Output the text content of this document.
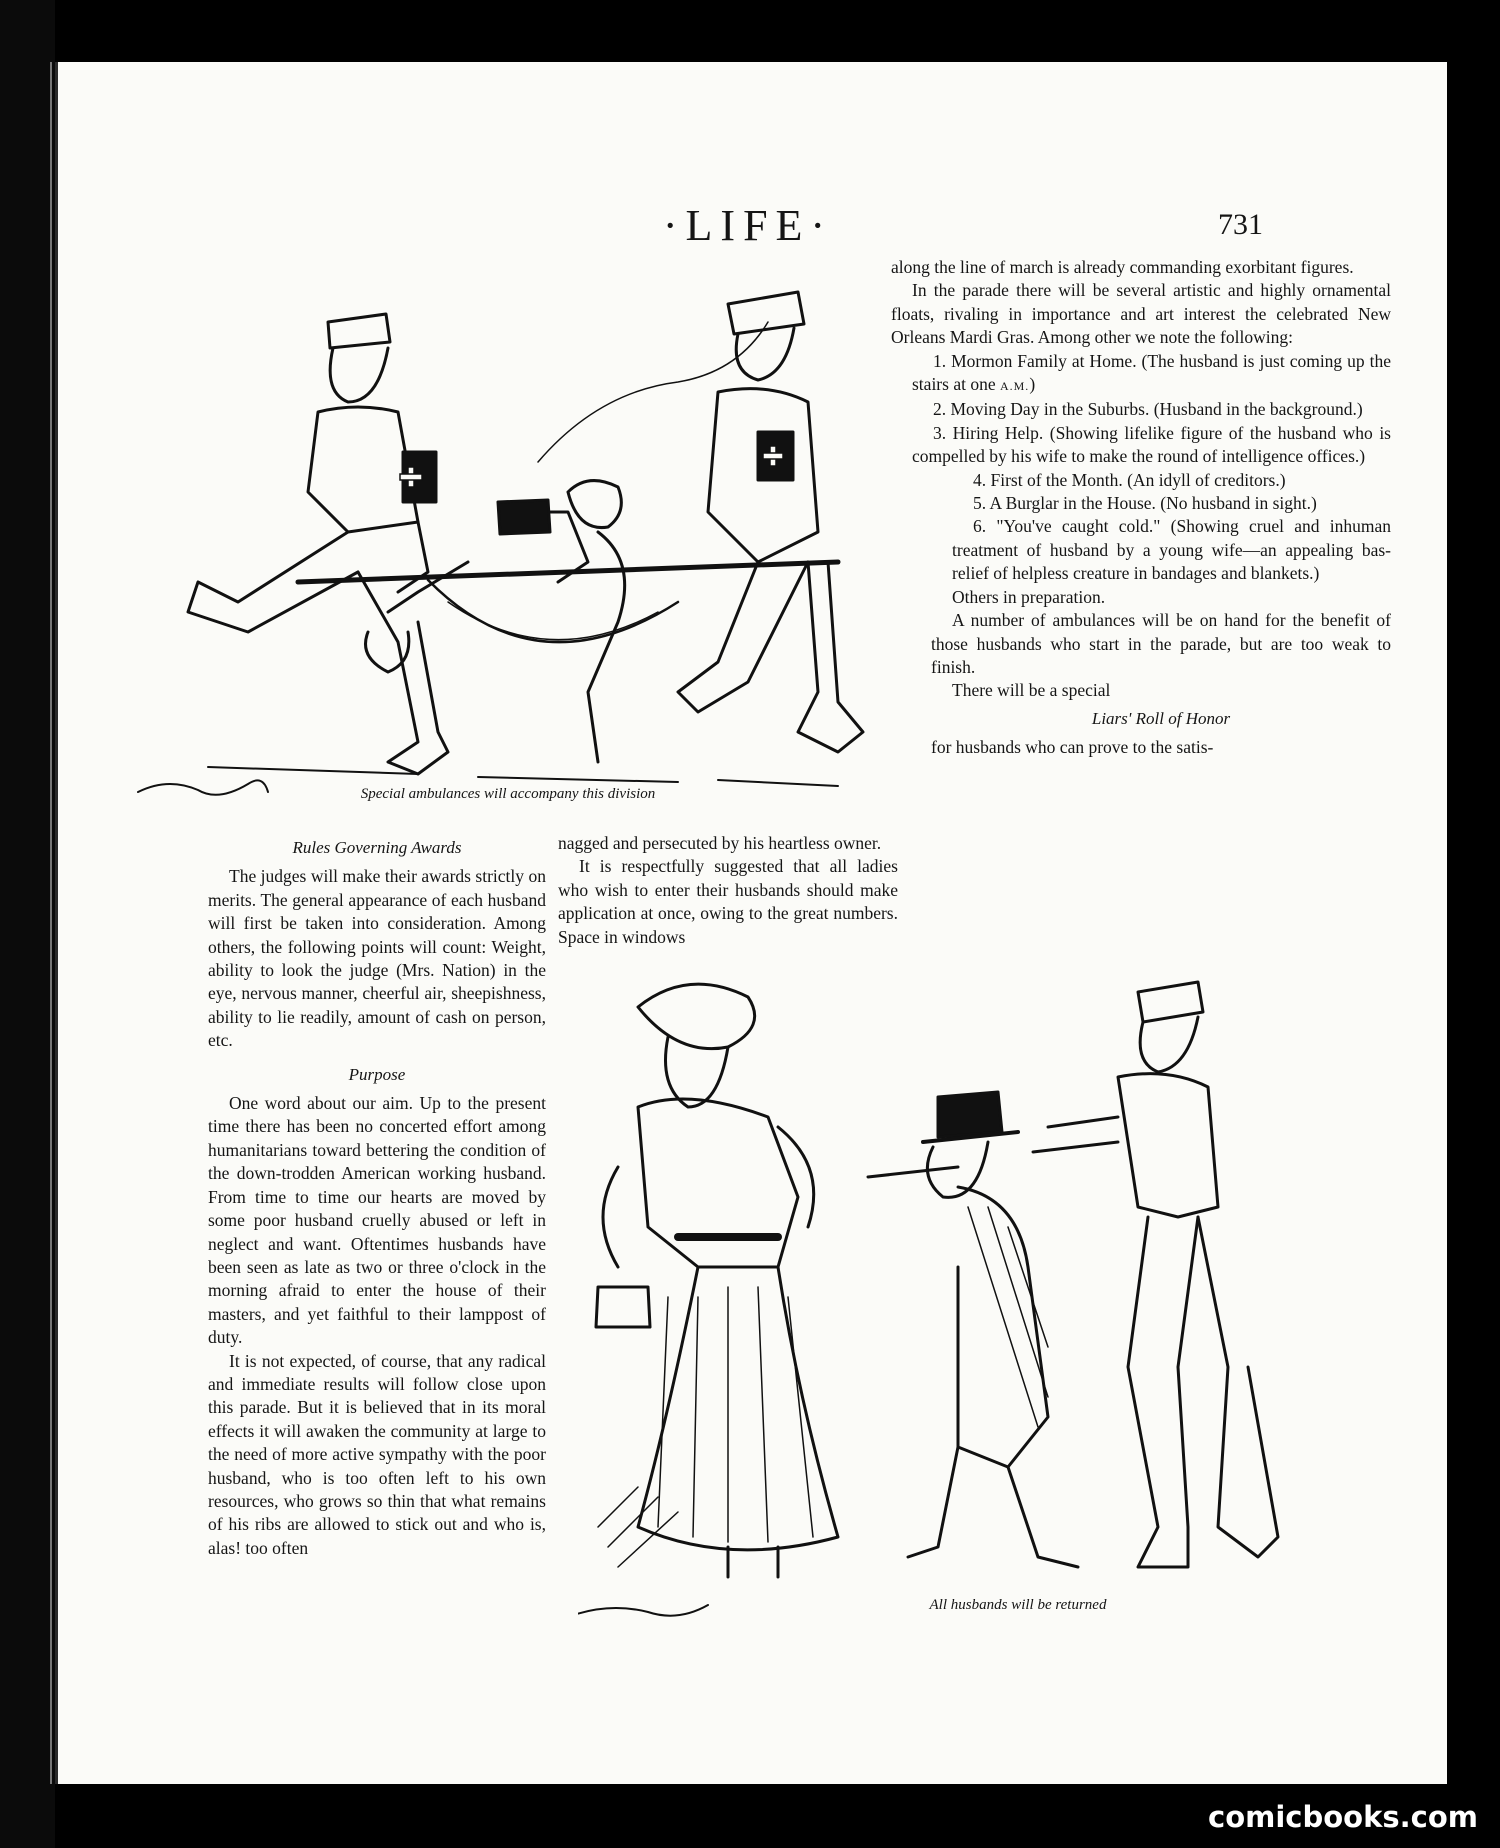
·LIFE·	731
Special ambulances will accompany this division
Rules Governing Awards

The judges will make their awards strictly on merits. The general appearance of each husband will first be taken into consideration. Among others, the following points will count: Weight, ability to look the judge (Mrs. Nation) in the eye, nervous manner, cheerful air, sheepishness, ability to lie readily, amount of cash on person, etc.

Purpose

One word about our aim. Up to the present time there has been no concerted effort among humanitarians toward bettering the condition of the down-trodden American working husband. From time to time our hearts are moved by some poor husband cruelly abused or left in neglect and want. Oftentimes husbands have been seen as late as two or three o'clock in the morning afraid to enter the house of their masters, and yet faithful to their lamppost of duty.

It is not expected, of course, that any radical and immediate results will follow close upon this parade. But it is believed that in its moral effects it will awaken the community at large to the need of more active sympathy with the poor husband, who is too often left to his own resources, who grows so thin that what remains of his ribs are allowed to stick out and who is, alas! too often

nagged and persecuted by his heartless owner.

It is respectfully suggested that all ladies who wish to enter their husbands should make application at once, owing to the great numbers. Space in windows

along the line of march is already commanding exorbitant figures.

In the parade there will be several artistic and highly ornamental floats, rivaling in importance and art interest the celebrated New Orleans Mardi Gras. Among other we note the following:

1. Mormon Family at Home. (The husband is just coming up the stairs at one A.M.)

2. Moving Day in the Suburbs. (Husband in the background.)

3. Hiring Help. (Showing lifelike figure of the husband who is compelled by his wife to make the round of intelligence offices.)

4. First of the Month. (An idyll of creditors.)

5. A Burglar in the House. (No husband in sight.)

6. "You've caught cold." (Showing cruel and inhuman treatment of husband by a young wife—an appealing bas-relief of helpless creature in bandages and blankets.)

Others in preparation.

A number of ambulances will be on hand for the benefit of those husbands who start in the parade, but are too weak to finish.

There will be a special

Liars' Roll of Honor

for husbands who can prove to the satis-

All husbands will be returned
comicbooks.com
